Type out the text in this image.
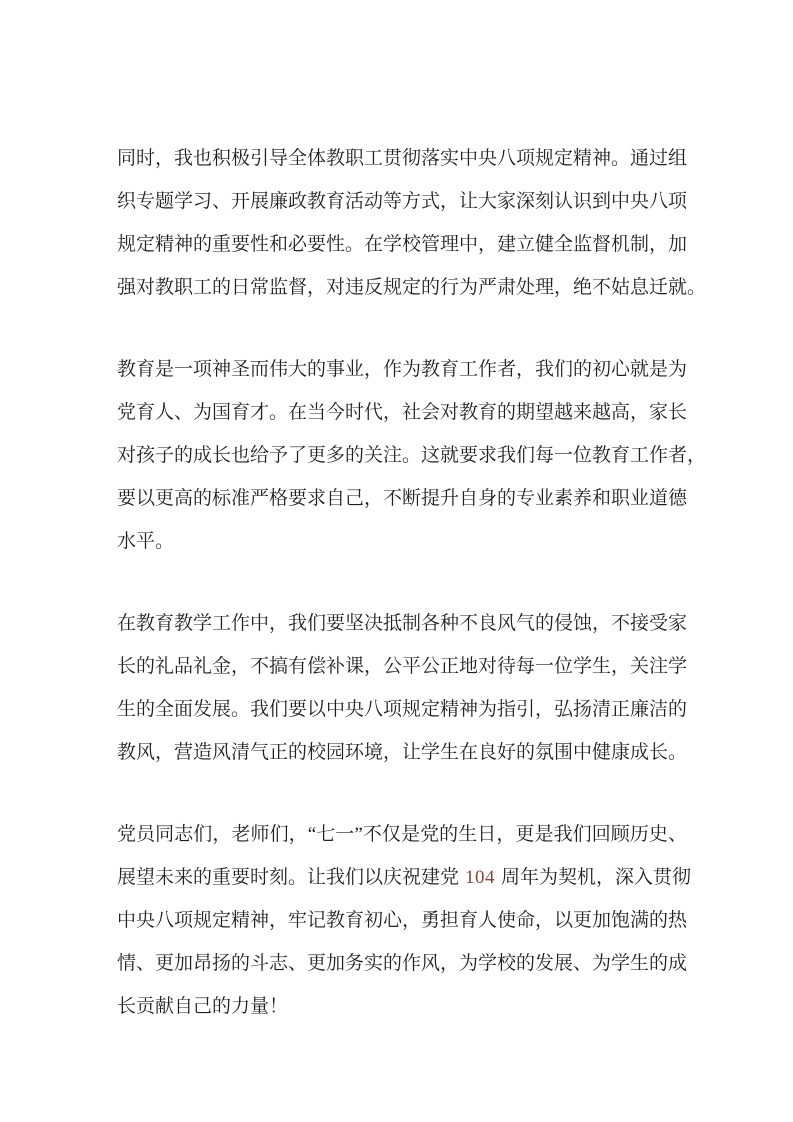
同时，我也积极引导全体教职工贯彻落实中央八项规定精神。通过组
织专题学习、开展廉政教育活动等方式，让大家深刻认识到中央八项
规定精神的重要性和必要性。在学校管理中，建立健全监督机制，加
强对教职工的日常监督，对违反规定的行为严肃处理，绝不姑息迁就。

教育是一项神圣而伟大的事业，作为教育工作者，我们的初心就是为
党育人、为国育才。在当今时代，社会对教育的期望越来越高，家长
对孩子的成长也给予了更多的关注。这就要求我们每一位教育工作者，
要以更高的标准严格要求自己，不断提升自身的专业素养和职业道德
水平。

在教育教学工作中，我们要坚决抵制各种不良风气的侵蚀，不接受家
长的礼品礼金，不搞有偿补课，公平公正地对待每一位学生，关注学
生的全面发展。我们要以中央八项规定精神为指引，弘扬清正廉洁的
教风，营造风清气正的校园环境，让学生在良好的氛围中健康成长。

党员同志们，老师们，“七一”不仅是党的生日，更是我们回顾历史、
展望未来的重要时刻。让我们以庆祝建党 104 周年为契机，深入贯彻
中央八项规定精神，牢记教育初心，勇担育人使命，以更加饱满的热
情、更加昂扬的斗志、更加务实的作风，为学校的发展、为学生的成
长贡献自己的力量！
